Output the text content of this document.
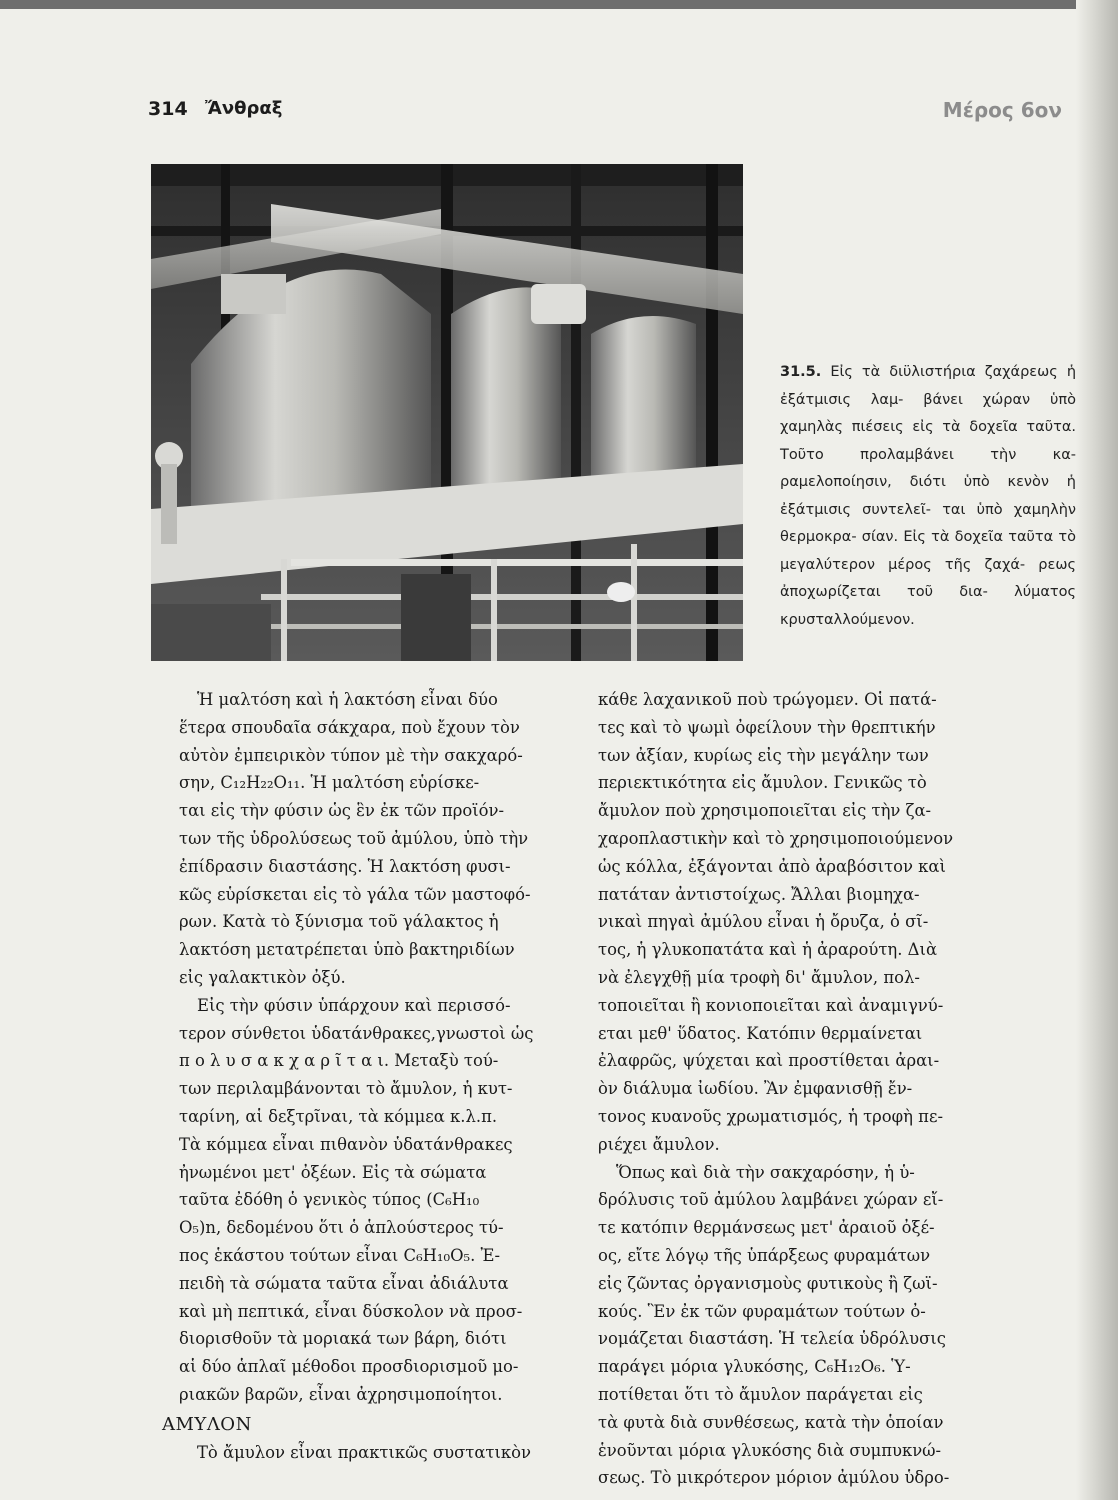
314 Ἄνθραξ	Μέρος 6ον
31.5. Εἰς τὰ διϋλιστήρια ζαχάρεως ἡ ἐξάτμισις λαμ- βάνει χώραν ὑπὸ χαμηλὰς πιέσεις εἰς τὰ δοχεῖα ταῦτα. Τοῦτο προλαμβάνει τὴν κα- ραμελοποίησιν, διότι ὑπὸ κενὸν ἡ ἐξάτμισις συντελεῖ- ται ὑπὸ χαμηλὴν θερμοκρα- σίαν. Εἰς τὰ δοχεῖα ταῦτα τὸ μεγαλύτερον μέρος τῆς ζαχά- ρεως ἀποχωρίζεται τοῦ δια- λύματος κρυσταλλούμενον.
Ἡ μαλτόση καὶ ἡ λακτόση εἶναι δύο
ἕτερα σπουδαῖα σάκχαρα, ποὺ ἔχουν τὸν
αὐτὸν ἐμπειρικὸν τύπον μὲ τὴν σακχαρό-
σην, C₁₂H₂₂O₁₁. Ἡ μαλτόση εὑρίσκε-
ται εἰς τὴν φύσιν ὡς ἓν ἐκ τῶν προϊόν-
των τῆς ὑδρολύσεως τοῦ ἀμύλου, ὑπὸ τὴν
ἐπίδρασιν διαστάσης. Ἡ λακτόση φυσι-
κῶς εὑρίσκεται εἰς τὸ γάλα τῶν μαστοφό-
ρων. Κατὰ τὸ ξύνισμα τοῦ γάλακτος ἡ
λακτόση μετατρέπεται ὑπὸ βακτηριδίων
εἰς γαλακτικὸν ὀξύ.
Εἰς τὴν φύσιν ὑπάρχουν καὶ περισσό-
τερον σύνθετοι ὑδατάνθρακες,γνωστοὶ ὡς
π ο λ υ σ α κ χ α ρ ῖ τ α ι. Μεταξὺ τού-
των περιλαμβάνονται τὸ ἄμυλον, ἡ κυτ-
ταρίνη, αἱ δεξτρῖναι, τὰ κόμμεα κ.λ.π.
Τὰ κόμμεα εἶναι πιθανὸν ὑδατάνθρακες
ἠνωμένοι μετ' ὀξέων. Εἰς τὰ σώματα
ταῦτα ἐδόθη ὁ γενικὸς τύπος (C₆H₁₀
O₅)n, δεδομένου ὅτι ὁ ἁπλούστερος τύ-
πος ἑκάστου τούτων εἶναι C₆H₁₀O₅. Ἐ-
πειδὴ τὰ σώματα ταῦτα εἶναι ἀδιάλυτα
καὶ μὴ πεπτικά, εἶναι δύσκολον νὰ προσ-
διορισθοῦν τὰ μοριακά των βάρη, διότι
αἱ δύο ἁπλαῖ μέθοδοι προσδιορισμοῦ μο-
ριακῶν βαρῶν, εἶναι ἀχρησιμοποίητοι.
ΑΜΥΛΟΝ
Τὸ ἄμυλον εἶναι πρακτικῶς συστατικὸν
κάθε λαχανικοῦ ποὺ τρώγομεν. Οἱ πατά-
τες καὶ τὸ ψωμὶ ὀφείλουν τὴν θρεπτικήν
των ἀξίαν, κυρίως εἰς τὴν μεγάλην των
περιεκτικότητα εἰς ἄμυλον. Γενικῶς τὸ
ἄμυλον ποὺ χρησιμοποιεῖται εἰς τὴν ζα-
χαροπλαστικὴν καὶ τὸ χρησιμοποιούμενον
ὡς κόλλα, ἐξάγονται ἀπὸ ἀραβόσιτον καὶ
πατάταν ἀντιστοίχως. Ἄλλαι βιομηχα-
νικαὶ πηγαὶ ἀμύλου εἶναι ἡ ὄρυζα, ὁ σῖ-
τος, ἡ γλυκοπατάτα καὶ ἡ ἀραρούτη. Διὰ
νὰ ἐλεγχθῇ μία τροφὴ δι' ἄμυλον, πολ-
τοποιεῖται ἢ κονιοποιεῖται καὶ ἀναμιγνύ-
εται μεθ' ὕδατος. Κατόπιν θερμαίνεται
ἐλαφρῶς, ψύχεται καὶ προστίθεται ἀραι-
ὸν διάλυμα ἰωδίου. Ἂν ἐμφανισθῇ ἔν-
τονος κυανοῦς χρωματισμός, ἡ τροφὴ πε-
ριέχει ἄμυλον.
Ὅπως καὶ διὰ τὴν σακχαρόσην, ἡ ὑ-
δρόλυσις τοῦ ἀμύλου λαμβάνει χώραν εἴ-
τε κατόπιν θερμάνσεως μετ' ἀραιοῦ ὀξέ-
ος, εἴτε λόγῳ τῆς ὑπάρξεως φυραμάτων
εἰς ζῶντας ὀργανισμοὺς φυτικοὺς ἢ ζωϊ-
κούς. Ἓν ἐκ τῶν φυραμάτων τούτων ὀ-
νομάζεται διαστάση. Ἡ τελεία ὑδρόλυσις
παράγει μόρια γλυκόσης, C₆H₁₂O₆. Ὑ-
ποτίθεται ὅτι τὸ ἄμυλον παράγεται εἰς
τὰ φυτὰ διὰ συνθέσεως, κατὰ τὴν ὁποίαν
ἑνοῦνται μόρια γλυκόσης διὰ συμπυκνώ-
σεως. Τὸ μικρότερον μόριον ἀμύλου ὑδρο-
